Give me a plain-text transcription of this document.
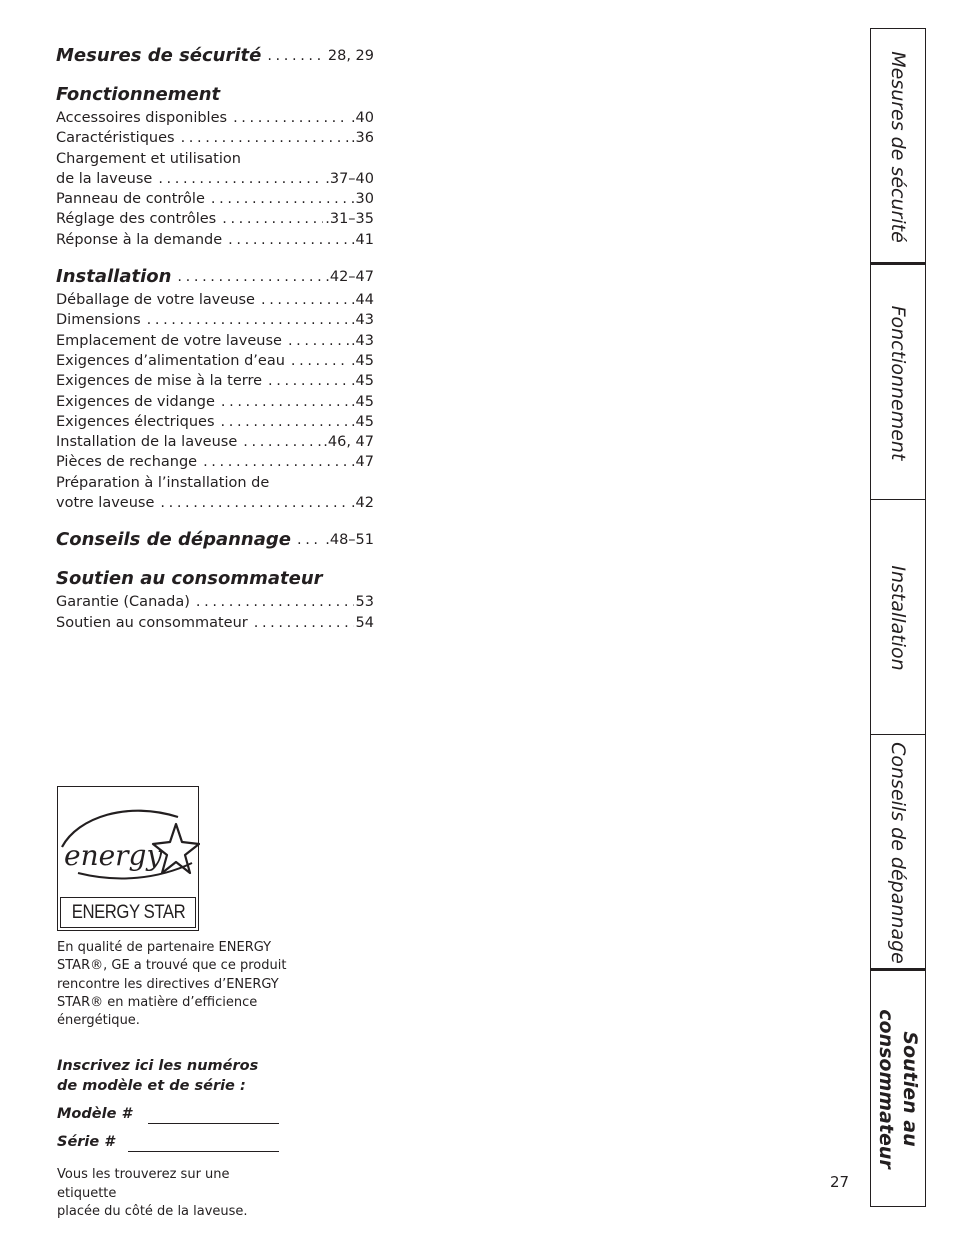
Mesures de sécurité . . .	28, 29
Fonctionnement
Accessoires disponibles . . .	.40
Caractéristiques . . .	.36
Chargement et utilisation
de la laveuse . . .	.37–40
Panneau de contrôle . . .	30
Réglage des contrôles . . .	.31–35
Réponse à la demande . . .	.41
Installation . . .	.42–47
Déballage de votre laveuse . . .	.44
Dimensions . . .	.43
Emplacement de votre laveuse . . .	.43
Exigences d’alimentation d’eau . . .	.45
Exigences de mise à la terre . . .	.45
Exigences de vidange . . .	.45
Exigences électriques . . .	.45
Installation de la laveuse . . .	.46, 47
Pièces de rechange . . .	.47
Préparation à l’installation de
votre laveuse . . .	.42
Conseils de dépannage . . . .48–51
Soutien au consommateur
Garantie (Canada) . . .	53
Soutien au consommateur . . .	54
energy
ENERGY STAR
En qualité de partenaire ENERGY STAR®, GE a trouvé que ce produit rencontre les directives d’ENERGY STAR® en matière d’efficience énergétique.
Inscrivez ici les numéros
de modèle et de série :
Modèle #
Série #
Vous les trouverez sur une etiquette
placée du côté de la laveuse.
27
Mesures de sécurité
Fonctionnement
Installation
Conseils de dépannage
Soutien au
consommateur
